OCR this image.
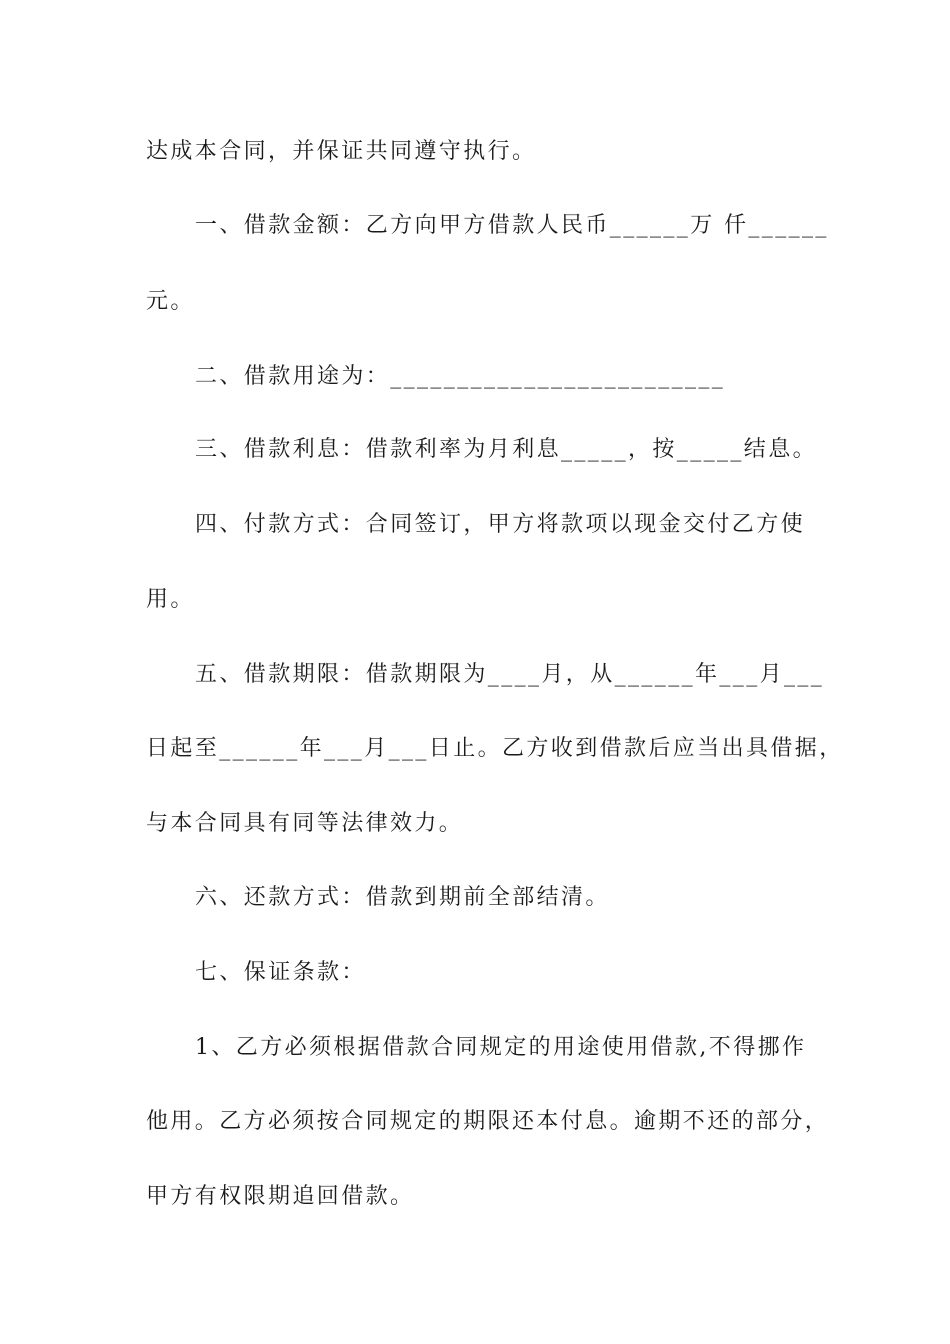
达成本合同，并保证共同遵守执行。
一、借款金额：乙方向甲方借款人民币______万 仟______
元。
二、借款用途为：_________________________
三、借款利息：借款利率为月利息_____，按_____结息。
四、付款方式：合同签订，甲方将款项以现金交付乙方使
用。
五、借款期限：借款期限为____月，从______年___月___
日起至______年___月___日止。乙方收到借款后应当出具借据，
与本合同具有同等法律效力。
六、还款方式：借款到期前全部结清。
七、保证条款：
1、乙方必须根据借款合同规定的用途使用借款,不得挪作
他用。乙方必须按合同规定的期限还本付息。逾期不还的部分，
甲方有权限期追回借款。
